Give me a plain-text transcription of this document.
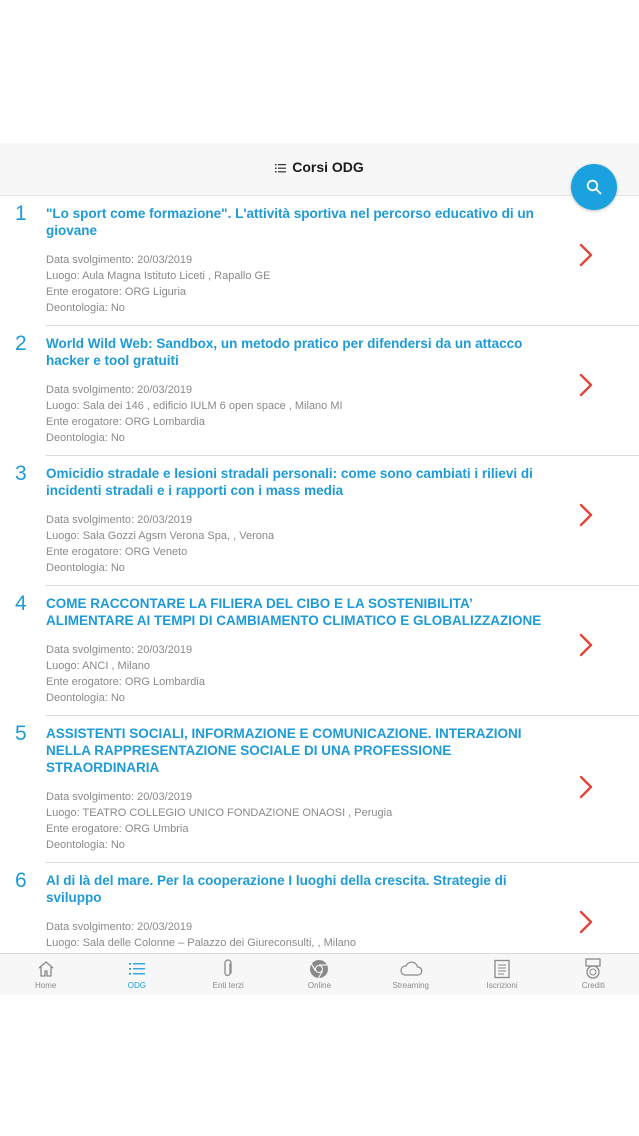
Corsi ODG
1 "Lo sport come formazione". L'attività sportiva nel percorso educativo di un giovane
Data svolgimento: 20/03/2019
Luogo: Aula Magna Istituto Liceti , Rapallo GE
Ente erogatore: ORG Liguria
Deontologia: No
2 World Wild Web: Sandbox, un metodo pratico per difendersi da un attacco hacker e tool gratuiti
Data svolgimento: 20/03/2019
Luogo: Sala dei 146 , edificio IULM 6 open space , Milano MI
Ente erogatore: ORG Lombardia
Deontologia: No
3 Omicidio stradale e lesioni stradali personali: come sono cambiati i rilievi di incidenti stradali e i rapporti con i mass media
Data svolgimento: 20/03/2019
Luogo: Sala Gozzi Agsm Verona Spa, , Verona
Ente erogatore: ORG Veneto
Deontologia: No
4 COME RACCONTARE LA FILIERA DEL CIBO E LA SOSTENIBILITA’ ALIMENTARE AI TEMPI DI CAMBIAMENTO CLIMATICO E GLOBALIZZAZIONE
Data svolgimento: 20/03/2019
Luogo: ANCI , Milano
Ente erogatore: ORG Lombardia
Deontologia: No
5 ASSISTENTI SOCIALI, INFORMAZIONE E COMUNICAZIONE. INTERAZIONI NELLA RAPPRESENTAZIONE SOCIALE DI UNA PROFESSIONE STRAORDINARIA
Data svolgimento: 20/03/2019
Luogo: TEATRO COLLEGIO UNICO FONDAZIONE ONAOSI , Perugia
Ente erogatore: ORG Umbria
Deontologia: No
6 Al di là del mare. Per la cooperazione I luoghi della crescita. Strategie di sviluppo
Data svolgimento: 20/03/2019
Luogo: Sala delle Colonne – Palazzo dei Giureconsulti, , Milano
Home	ODG	Enti terzi	Online	Streaming	Iscrizioni	Crediti
